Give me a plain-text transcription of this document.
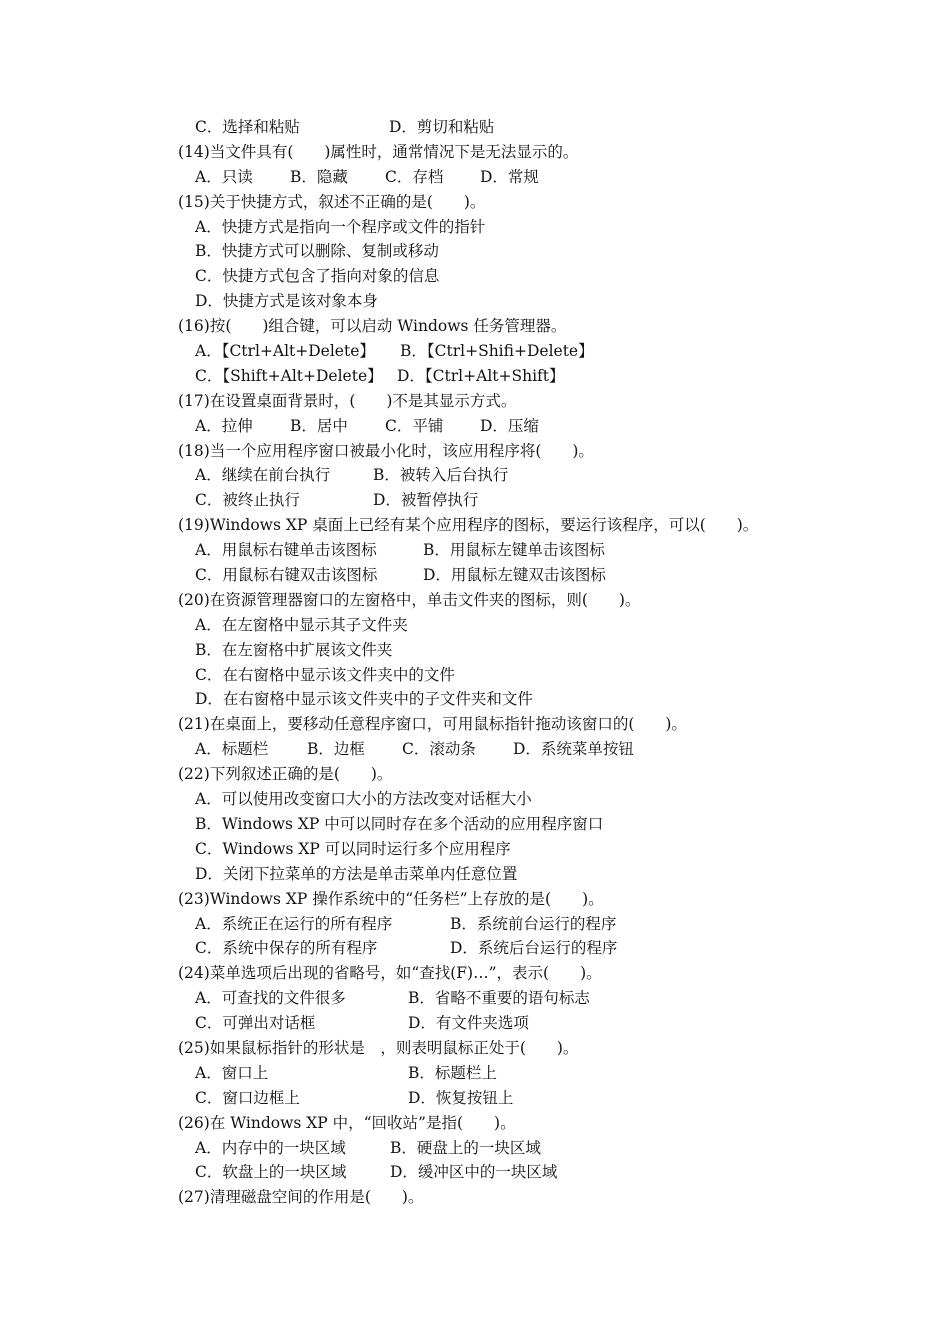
C．选择和粘贴	D．剪切和粘贴
(14)当文件具有(　　)属性时，通常情况下是无法显示的。
A．只读 B．隐藏 C．存档 D．常规
(15)关于快捷方式，叙述不正确的是(　　)。
A．快捷方式是指向一个程序或文件的指针
B．快捷方式可以删除、复制或移动
C．快捷方式包含了指向对象的信息
D．快捷方式是该对象本身
(16)按(　　)组合键，可以启动 Windows 任务管理器。
A．【Ctrl+Alt+Delete】 B．【Ctrl+Shifi+Delete】
C．【Shift+Alt+Delete】 D．【Ctrl+Alt+Shift】
(17)在设置桌面背景时，(　　)不是其显示方式。
A．拉伸 B．居中 C．平铺 D．压缩
(18)当一个应用程序窗口被最小化时，该应用程序将(　　)。
A．继续在前台执行	B．被转入后台执行
C．被终止执行	D．被暂停执行
(19)Windows XP 桌面上已经有某个应用程序的图标，要运行该程序，可以(　　)。
A．用鼠标右键单击该图标	B．用鼠标左键单击该图标
C．用鼠标右键双击该图标	D．用鼠标左键双击该图标
(20)在资源管理器窗口的左窗格中，单击文件夹的图标，则(　　)。
A．在左窗格中显示其子文件夹
B．在左窗格中扩展该文件夹
C．在右窗格中显示该文件夹中的文件
D．在右窗格中显示该文件夹中的子文件夹和文件
(21)在桌面上，要移动任意程序窗口，可用鼠标指针拖动该窗口的(　　)。
A．标题栏	B．边框 C．滚动条 D．系统菜单按钮
(22)下列叙述正确的是(　　)。
A．可以使用改变窗口大小的方法改变对话框大小
B．Windows XP 中可以同时存在多个活动的应用程序窗口
C．Windows XP 可以同时运行多个应用程序
D．关闭下拉菜单的方法是单击菜单内任意位置
(23)Windows XP 操作系统中的“任务栏”上存放的是(　　)。
A．系统正在运行的所有程序	B．系统前台运行的程序
C．系统中保存的所有程序	D．系统后台运行的程序
(24)菜单选项后出现的省略号，如“查找(F)…”，表示(　　)。
A．可查找的文件很多	B．省略不重要的语句标志
C．可弹出对话框	D．有文件夹选项
(25)如果鼠标指针的形状是　，则表明鼠标正处于(　　)。
A．窗口上	B．标题栏上
C．窗口边框上	D．恢复按钮上
(26)在 Windows XP 中，“回收站”是指(　　)。
A．内存中的一块区域	B．硬盘上的一块区域
C．软盘上的一块区域	D．缓冲区中的一块区域
(27)清理磁盘空间的作用是(　　)。
